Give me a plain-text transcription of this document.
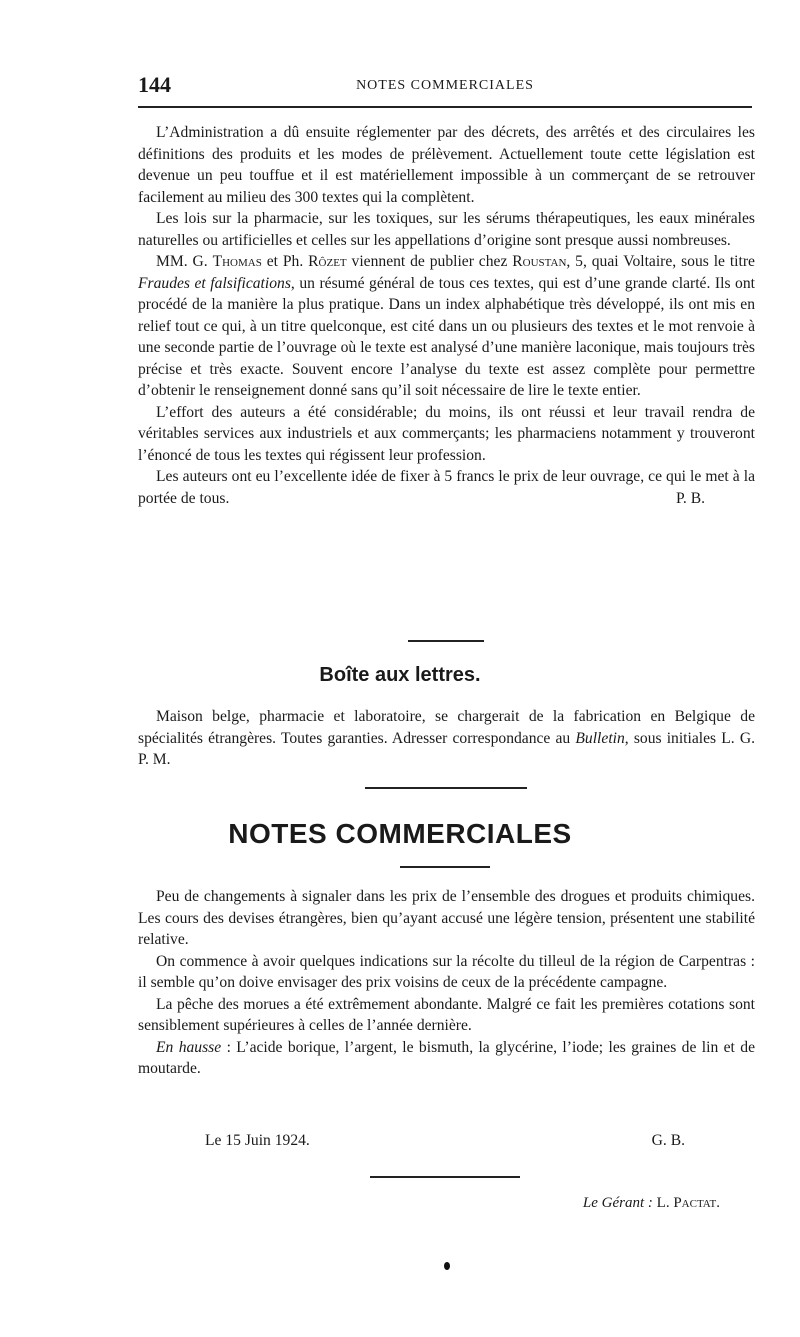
144	NOTES COMMERCIALES

L’Administration a dû ensuite réglementer par des décrets, des arrêtés et des circulaires les définitions des produits et les modes de prélèvement. Actuellement toute cette législation est devenue un peu touffue et il est matériellement impossible à un commerçant de se retrouver facilement au milieu des 300 textes qui la complètent.

Les lois sur la pharmacie, sur les toxiques, sur les sérums thérapeutiques, les eaux minérales naturelles ou artificielles et celles sur les appellations d’origine sont presque aussi nombreuses.

MM. G. Thomas et Ph. Rôzet viennent de publier chez Roustan, 5, quai Voltaire, sous le titre Fraudes et falsifications, un résumé général de tous ces textes, qui est d’une grande clarté. Ils ont procédé de la manière la plus pratique. Dans un index alphabétique très développé, ils ont mis en relief tout ce qui, à un titre quelconque, est cité dans un ou plusieurs des textes et le mot renvoie à une seconde partie de l’ouvrage où le texte est analysé d’une manière laconique, mais toujours très précise et très exacte. Souvent encore l’analyse du texte est assez complète pour permettre d’obtenir le renseignement donné sans qu’il soit nécessaire de lire le texte entier.

L’effort des auteurs a été considérable; du moins, ils ont réussi et leur travail rendra de véritables services aux industriels et aux commerçants; les pharmaciens notamment y trouveront l’énoncé de tous les textes qui régissent leur profession.

Les auteurs ont eu l’excellente idée de fixer à 5 francs le prix de leur ouvrage, ce qui le met à la portée de tous.	P. B.

Boîte aux lettres.

Maison belge, pharmacie et laboratoire, se chargerait de la fabrication en Belgique de spécialités étrangères. Toutes garanties. Adresser correspondance au Bulletin, sous initiales L. G. P. M.

NOTES COMMERCIALES

Peu de changements à signaler dans les prix de l’ensemble des drogues et produits chimiques. Les cours des devises étrangères, bien qu’ayant accusé une légère tension, présentent une stabilité relative.

On commence à avoir quelques indications sur la récolte du tilleul de la région de Carpentras : il semble qu’on doive envisager des prix voisins de ceux de la précédente campagne.

La pêche des morues a été extrêmement abondante. Malgré ce fait les premières cotations sont sensiblement supérieures à celles de l’année dernière.

En hausse : L’acide borique, l’argent, le bismuth, la glycérine, l’iode; les graines de lin et de moutarde.

Le 15 Juin 1924.	G. B.
Le Gérant : L. Pactat.
